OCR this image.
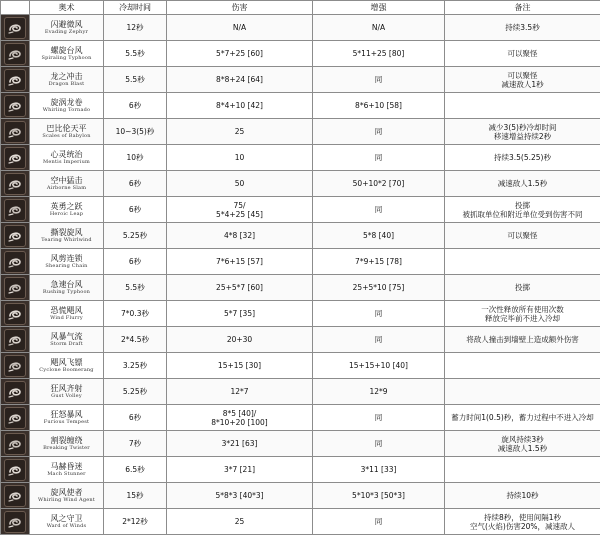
	奥术	冷却时间	伤害	增强	备注

闪避微风
Evading Zephyr	12秒	N/A	N/A	持续3.5秒

螺旋台风
Spiraling Typhoon	5.5秒	5*7+25 [60]	5*11+25 [80]	可以聚怪

龙之冲击
Dragon Blast	5.5秒	8*8+24 [64]	同	可以聚怪
减速敌人1秒

旋涡龙卷
Whirling Tornado	6秒	8*4+10 [42]	8*6+10 [58]	

巴比伦天平
Scales of Babylon	10~3(5)秒	25	同	减少3(5)秒冷却时间
移速增益持续2秒

心灵统治
Mentis Imperium	10秒	10	同	持续3.5(5.25)秒

空中猛击
Airborne Slam	6秒	50	50+10*2 [70]	减速敌人1.5秒

英勇之跃
Heroic Leap	6秒	75/
5*4+25 [45]	同	投掷
被抓取单位和附近单位受到伤害不同

撕裂旋风
Tearing Whirlwind	5.25秒	4*8 [32]	5*8 [40]	可以聚怪

风剪连锁
Shearing Chain	6秒	7*6+15 [57]	7*9+15 [78]	

急速台风
Rushing Typhoon	5.5秒	25+5*7 [60]	25+5*10 [75]	投掷

恐慌飓风
Wind Flurry	7*0.3秒	5*7 [35]	同	一次性释放所有使用次数
释放完毕前不进入冷却

风暴气流
Storm Draft	2*4.5秒	20+30	同	将敌人撞击到墙壁上造成额外伤害

飓风飞镖
Cyclone Boomerang	3.25秒	15+15 [30]	15+15+10 [40]	

狂风齐射
Gust Volley	5.25秒	12*7	12*9	

狂怒暴风
Furious Tempest	6秒	8*5 [40]/
8*10+20 [100]	同	蓄力时间1(0.5)秒，蓄力过程中不进入冷却

割裂缠绕
Breaking Twister	7秒	3*21 [63]	同	旋风持续3秒
减速敌人1.5秒

马赫昏迷
Mach Stunner	6.5秒	3*7 [21]	3*11 [33]	

旋风使者
Whirling Wind Agent	15秒	5*8*3 [40*3]	5*10*3 [50*3]	持续10秒

风之守卫
Ward of Winds	2*12秒	25	同	持续8秒，使用间隔1秒
空气(火焰)伤害20%，减速敌人
